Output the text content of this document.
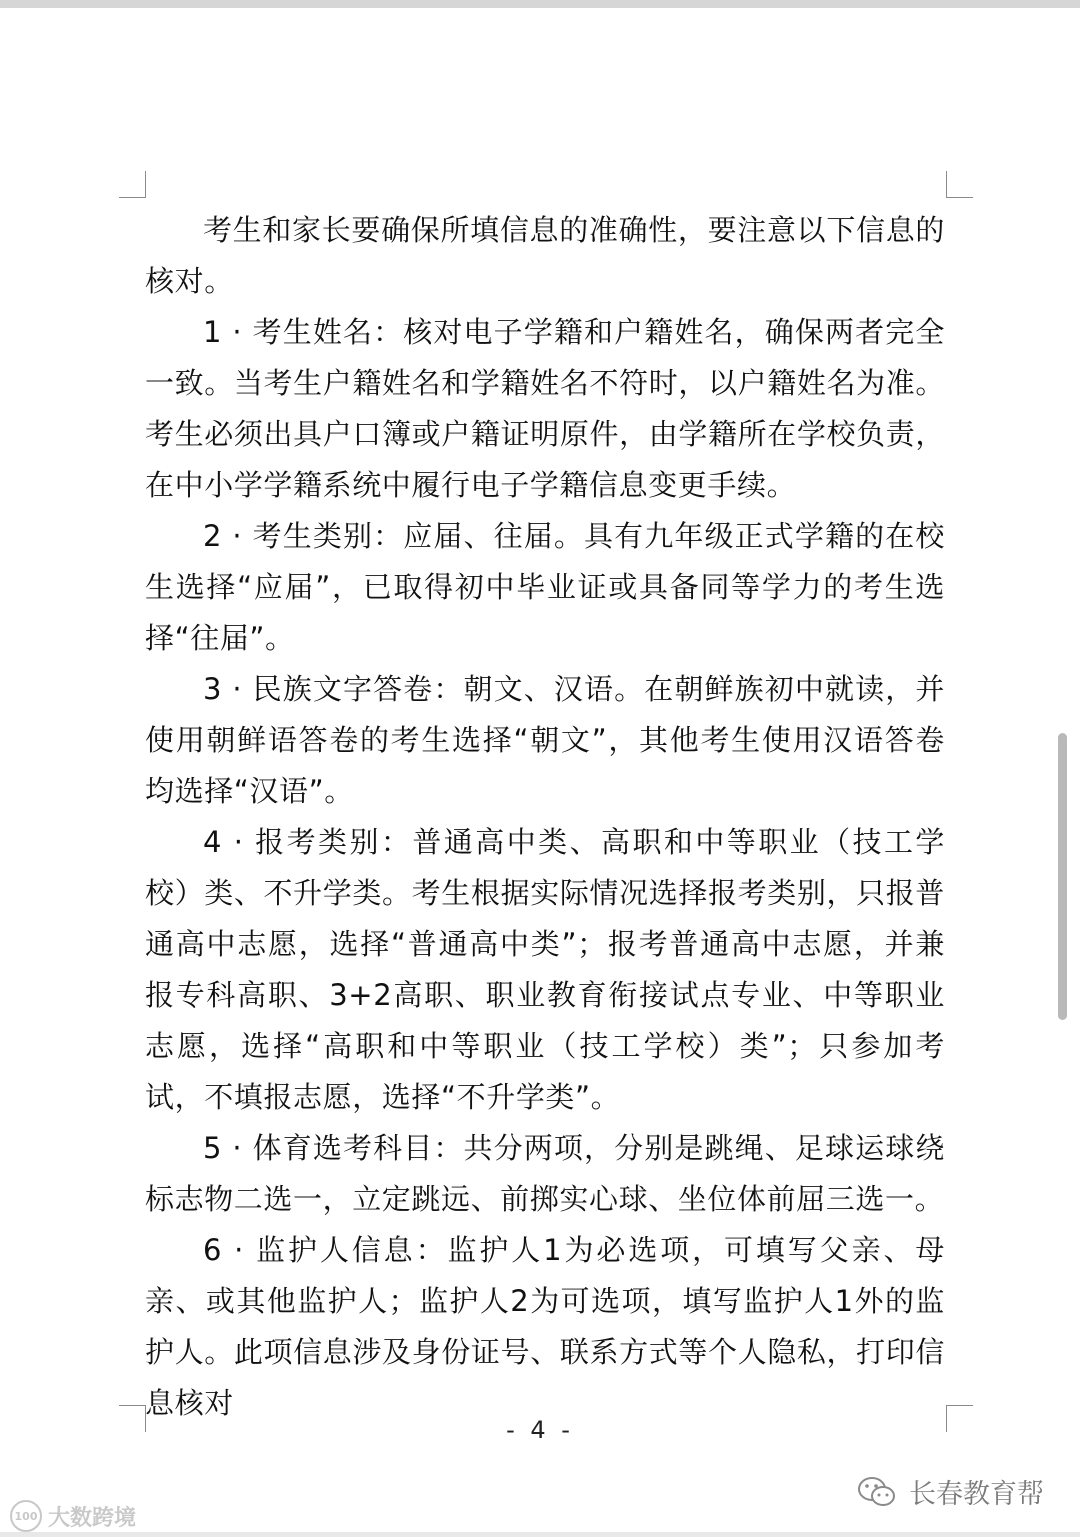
考生和家长要确保所填信息的准确性，要注意以下信息的核对。

1 · 考生姓名：核对电子学籍和户籍姓名，确保两者完全一致。当考生户籍姓名和学籍姓名不符时，以户籍姓名为准。考生必须出具户口簿或户籍证明原件，由学籍所在学校负责，在中小学学籍系统中履行电子学籍信息变更手续。

2 · 考生类别：应届、往届。具有九年级正式学籍的在校生选择“应届”，已取得初中毕业证或具备同等学力的考生选择“往届”。

3 · 民族文字答卷：朝文、汉语。在朝鲜族初中就读，并使用朝鲜语答卷的考生选择“朝文”，其他考生使用汉语答卷均选择“汉语”。

4 · 报考类别：普通高中类、高职和中等职业（技工学校）类、不升学类。考生根据实际情况选择报考类别，只报普通高中志愿，选择“普通高中类”；报考普通高中志愿，并兼报专科高职、3+2高职、职业教育衔接试点专业、中等职业志愿，选择“高职和中等职业（技工学校）类”；只参加考试，不填报志愿，选择“不升学类”。

5 · 体育选考科目：共分两项，分别是跳绳、足球运球绕标志物二选一，立定跳远、前掷实心球、坐位体前屈三选一。

6 · 监护人信息：监护人1为必选项，可填写父亲、母亲、或其他监护人；监护人2为可选项，填写监护人1外的监护人。此项信息涉及身份证号、联系方式等个人隐私，打印信息核对

- 4 -
100 大数跨境
长春教育帮
